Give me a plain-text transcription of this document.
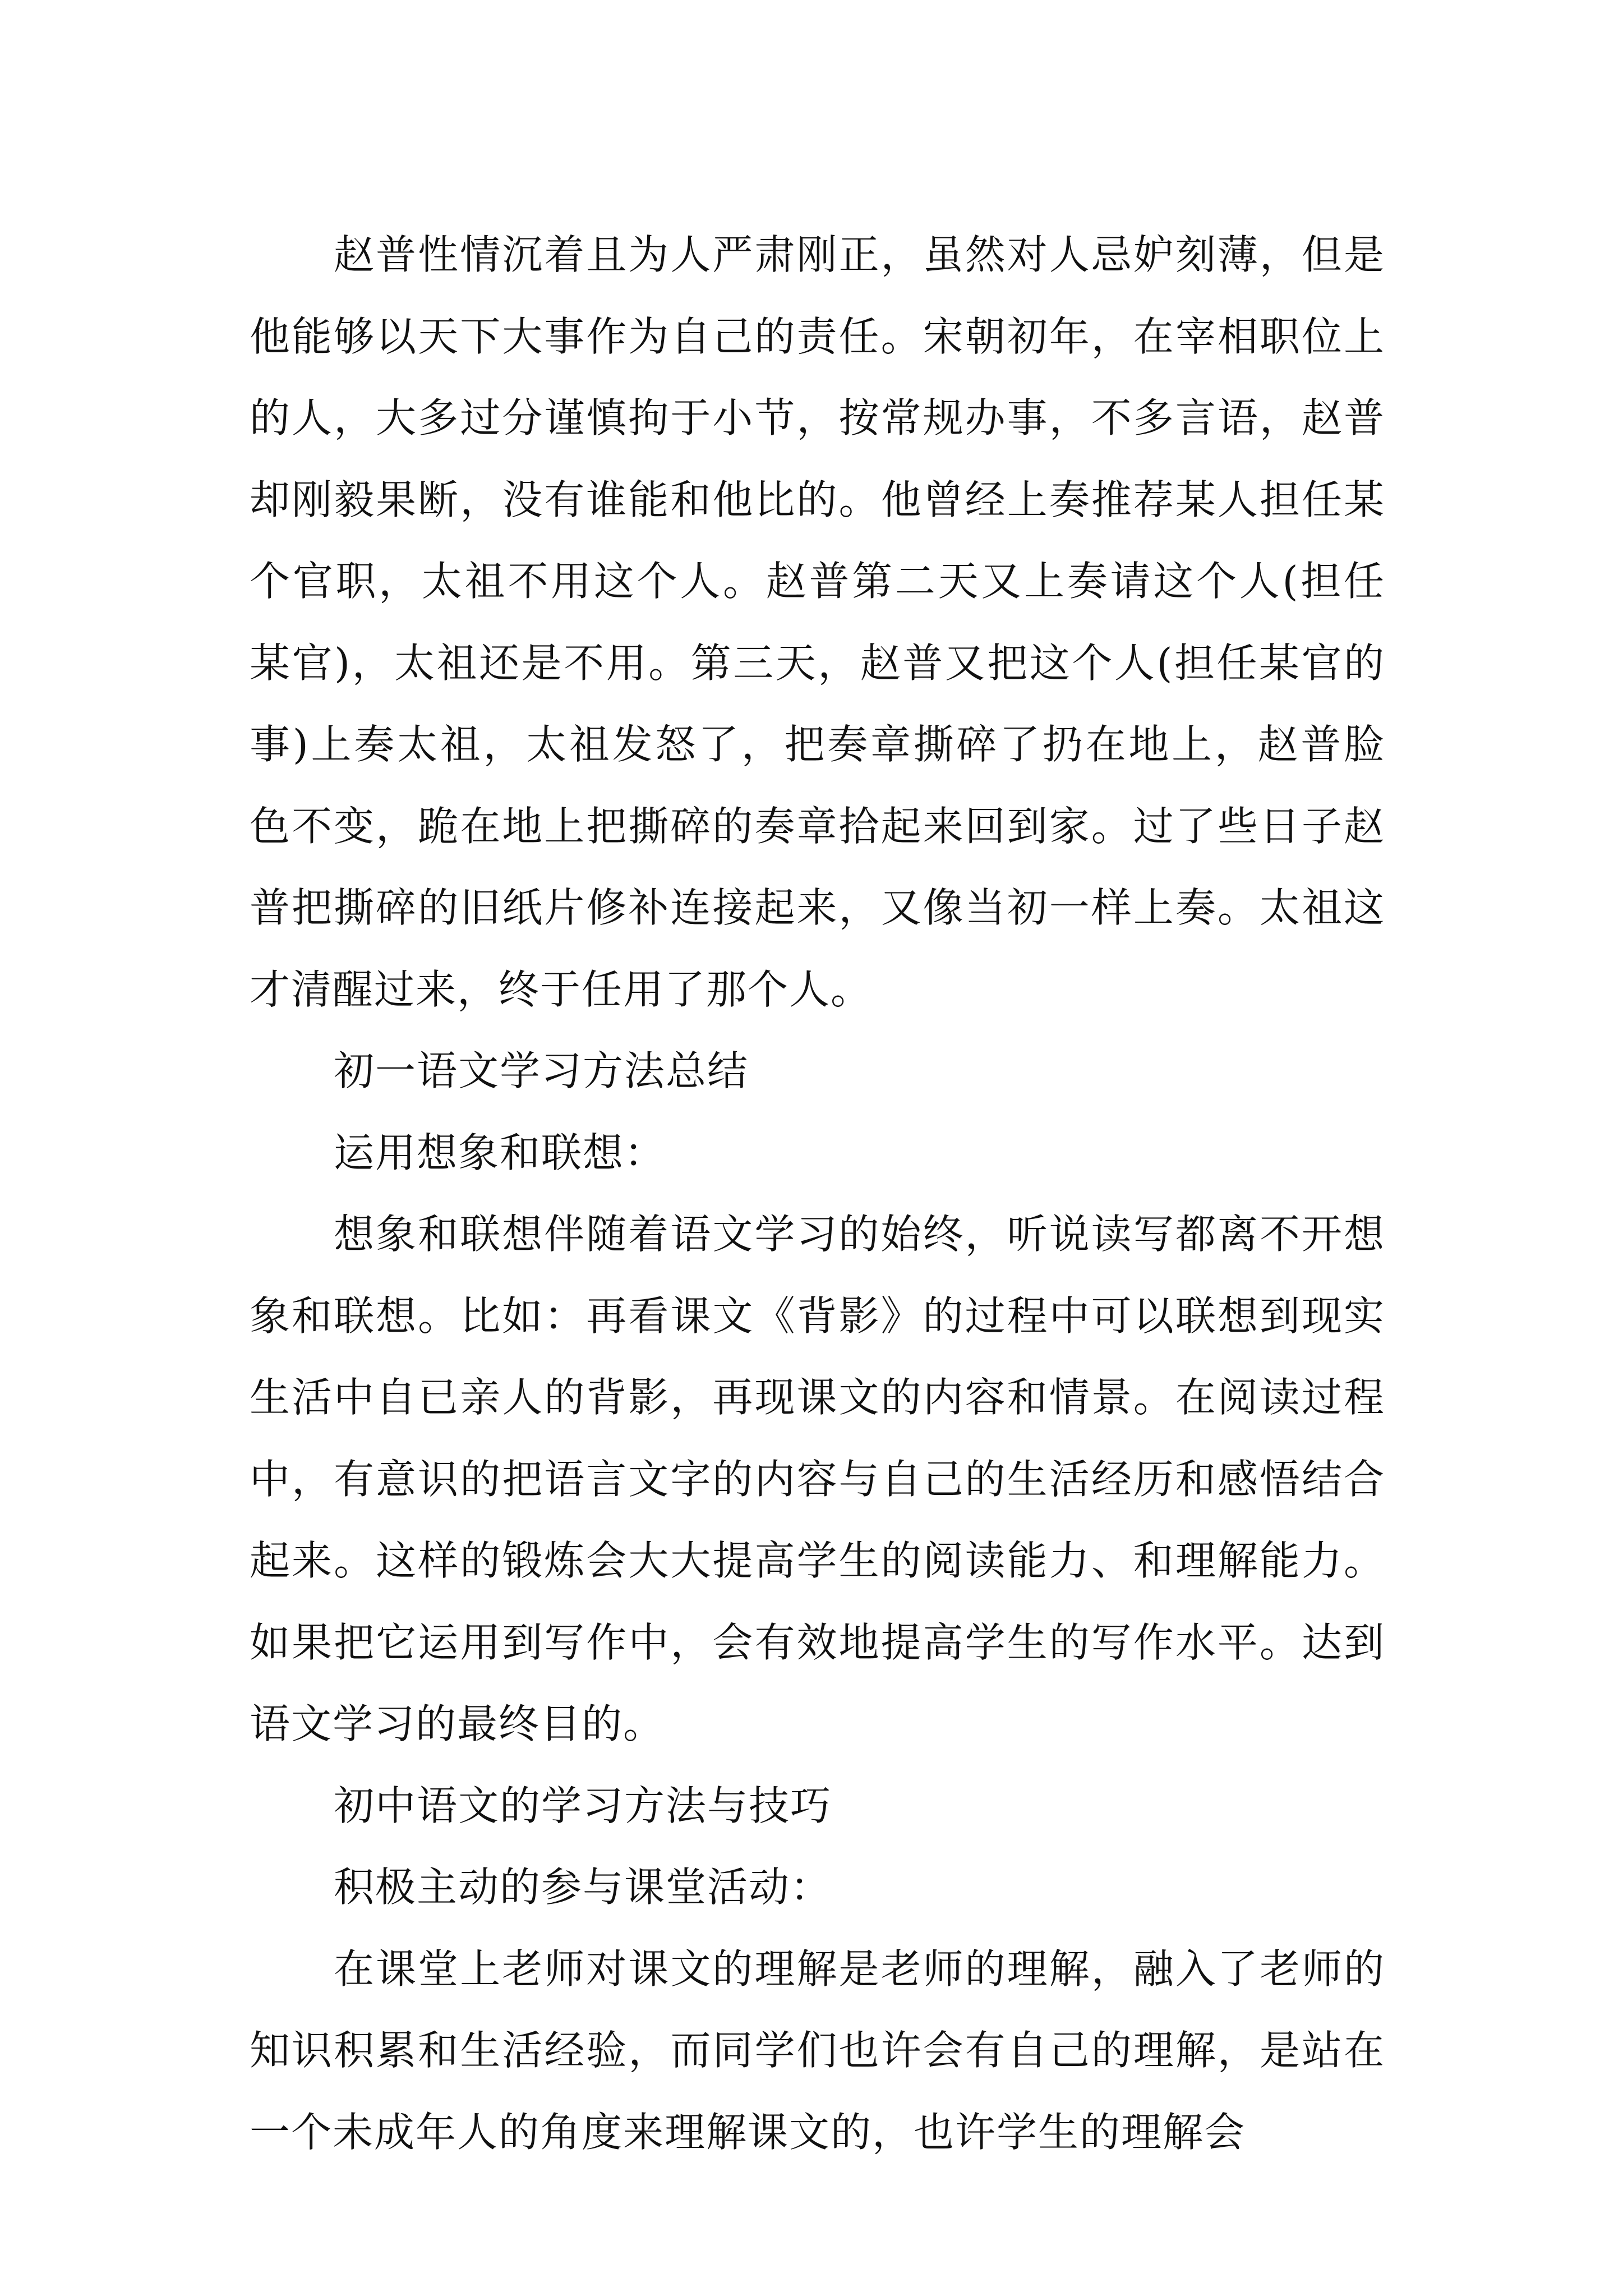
赵普性情沉着且为人严肃刚正，虽然对人忌妒刻薄，但是他能够以天下大事作为自己的责任。宋朝初年，在宰相职位上的人，大多过分谨慎拘于小节，按常规办事，不多言语，赵普却刚毅果断，没有谁能和他比的。他曾经上奏推荐某人担任某个官职，太祖不用这个人。赵普第二天又上奏请这个人(担任某官)，太祖还是不用。第三天，赵普又把这个人(担任某官的事)上奏太祖，太祖发怒了，把奏章撕碎了扔在地上，赵普脸色不变，跪在地上把撕碎的奏章拾起来回到家。过了些日子赵普把撕碎的旧纸片修补连接起来，又像当初一样上奏。太祖这才清醒过来，终于任用了那个人。

初一语文学习方法总结

运用想象和联想：

想象和联想伴随着语文学习的始终，听说读写都离不开想象和联想。比如：再看课文《背影》的过程中可以联想到现实生活中自已亲人的背影，再现课文的内容和情景。在阅读过程中，有意识的把语言文字的内容与自己的生活经历和感悟结合起来。这样的锻炼会大大提高学生的阅读能力、和理解能力。如果把它运用到写作中，会有效地提高学生的写作水平。达到语文学习的最终目的。

初中语文的学习方法与技巧

积极主动的参与课堂活动：

在课堂上老师对课文的理解是老师的理解，融入了老师的知识积累和生活经验，而同学们也许会有自己的理解，是站在一个未成年人的角度来理解课文的，也许学生的理解会
